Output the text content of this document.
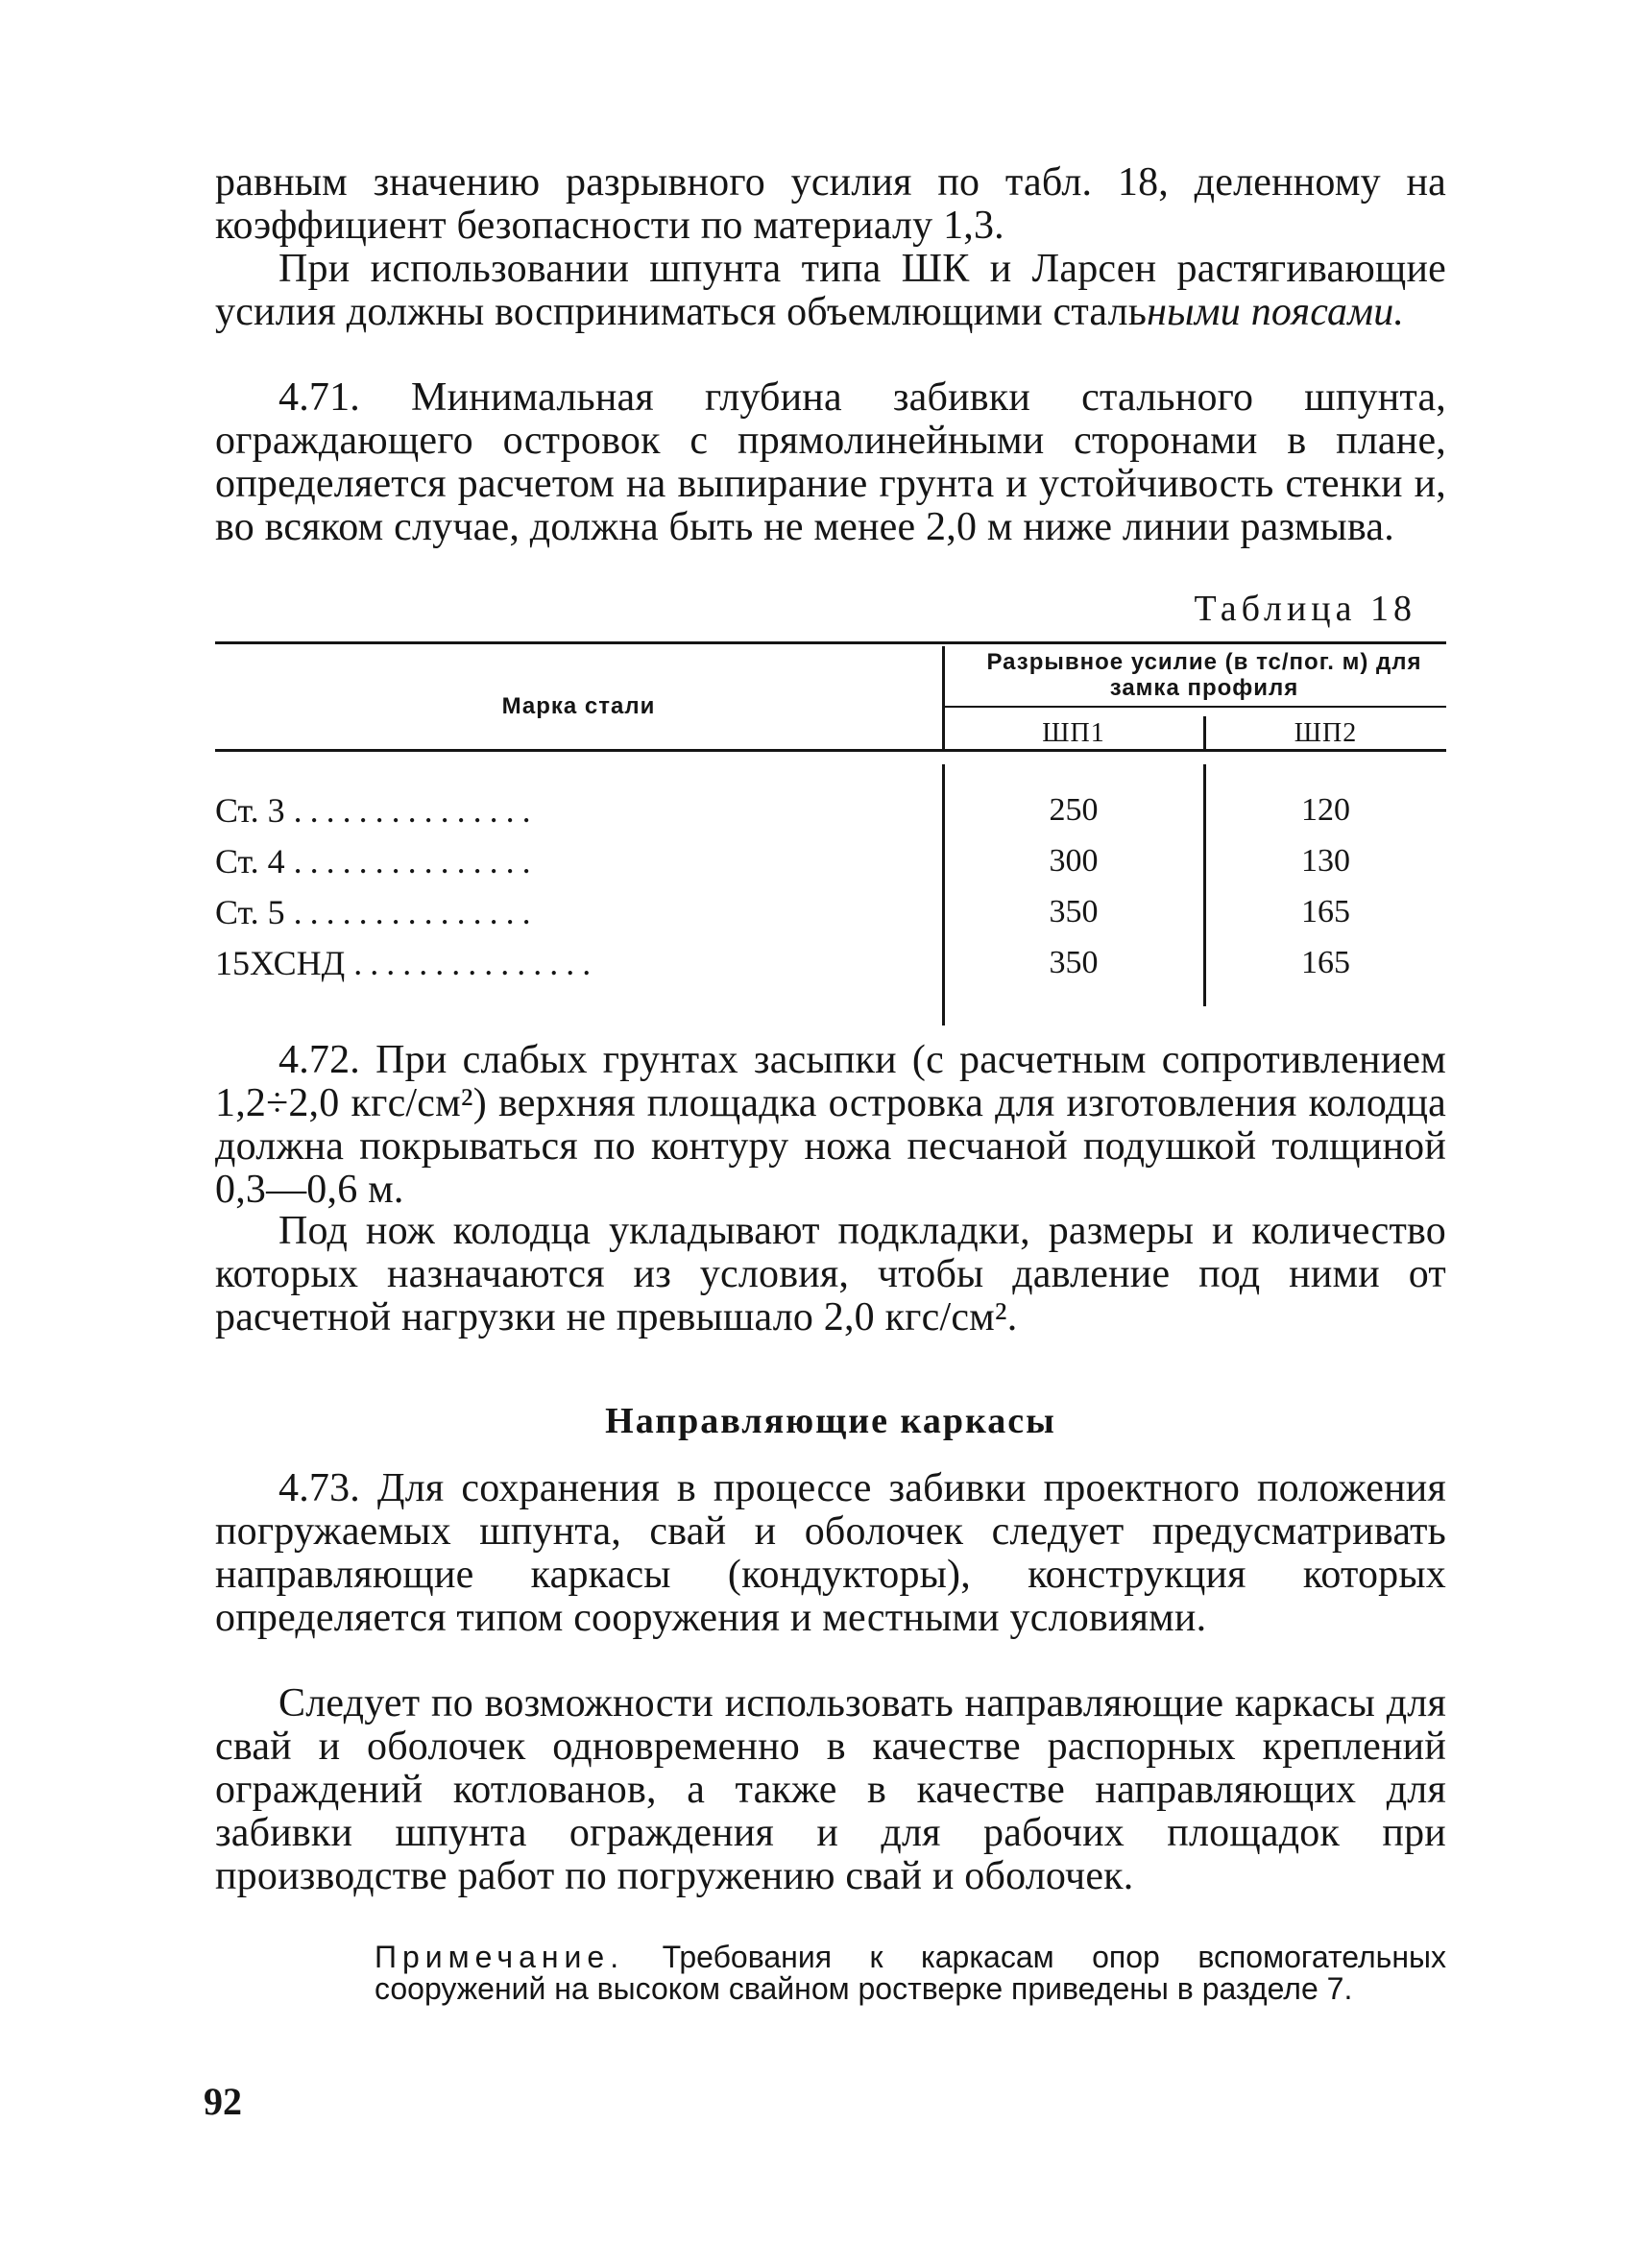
равным значению разрывного усилия по табл. 18, деленному на коэффициент безопасности по материалу 1,3.

При использовании шпунта типа ШК и Ларсен растягивающие усилия должны восприниматься объемлющими стальными поясами.

4.71. Минимальная глубина забивки стального шпунта, ограждающего островок с прямолинейными сторонами в плане, определяется расчетом на выпирание грунта и устойчивость стенки и, во всяком случае, должна быть не менее 2,0 м ниже линии размыва.

Таблица 18
Марка стали
Разрывное усилие (в тс/пог. м) для замка профиля
ШП1	ШП2
Ст. 3 ...............	250	120
Ст. 4 ...............	300	130
Ст. 5 ...............	350	165
15ХСНД ...............	350	165

4.72. При слабых грунтах засыпки (с расчетным сопротивлением 1,2÷2,0 кгс/см²) верхняя площадка островка для изготовления колодца должна покрываться по контуру ножа песчаной подушкой толщиной 0,3—0,6 м.

Под нож колодца укладывают подкладки, размеры и количество которых назначаются из условия, чтобы давление под ними от расчетной нагрузки не превышало 2,0 кгс/см².

Направляющие каркасы

4.73. Для сохранения в процессе забивки проектного положения погружаемых шпунта, свай и оболочек следует предусматривать направляющие каркасы (кондукторы), конструкция которых определяется типом сооружения и местными условиями.

Следует по возможности использовать направляющие каркасы для свай и оболочек одновременно в качестве распорных креплений ограждений котлованов, а также в качестве направляющих для забивки шпунта ограждения и для рабочих площадок при производстве работ по погружению свай и оболочек.

Примечание. Требования к каркасам опор вспомогательных сооружений на высоком свайном ростверке приведены в разделе 7.

92
